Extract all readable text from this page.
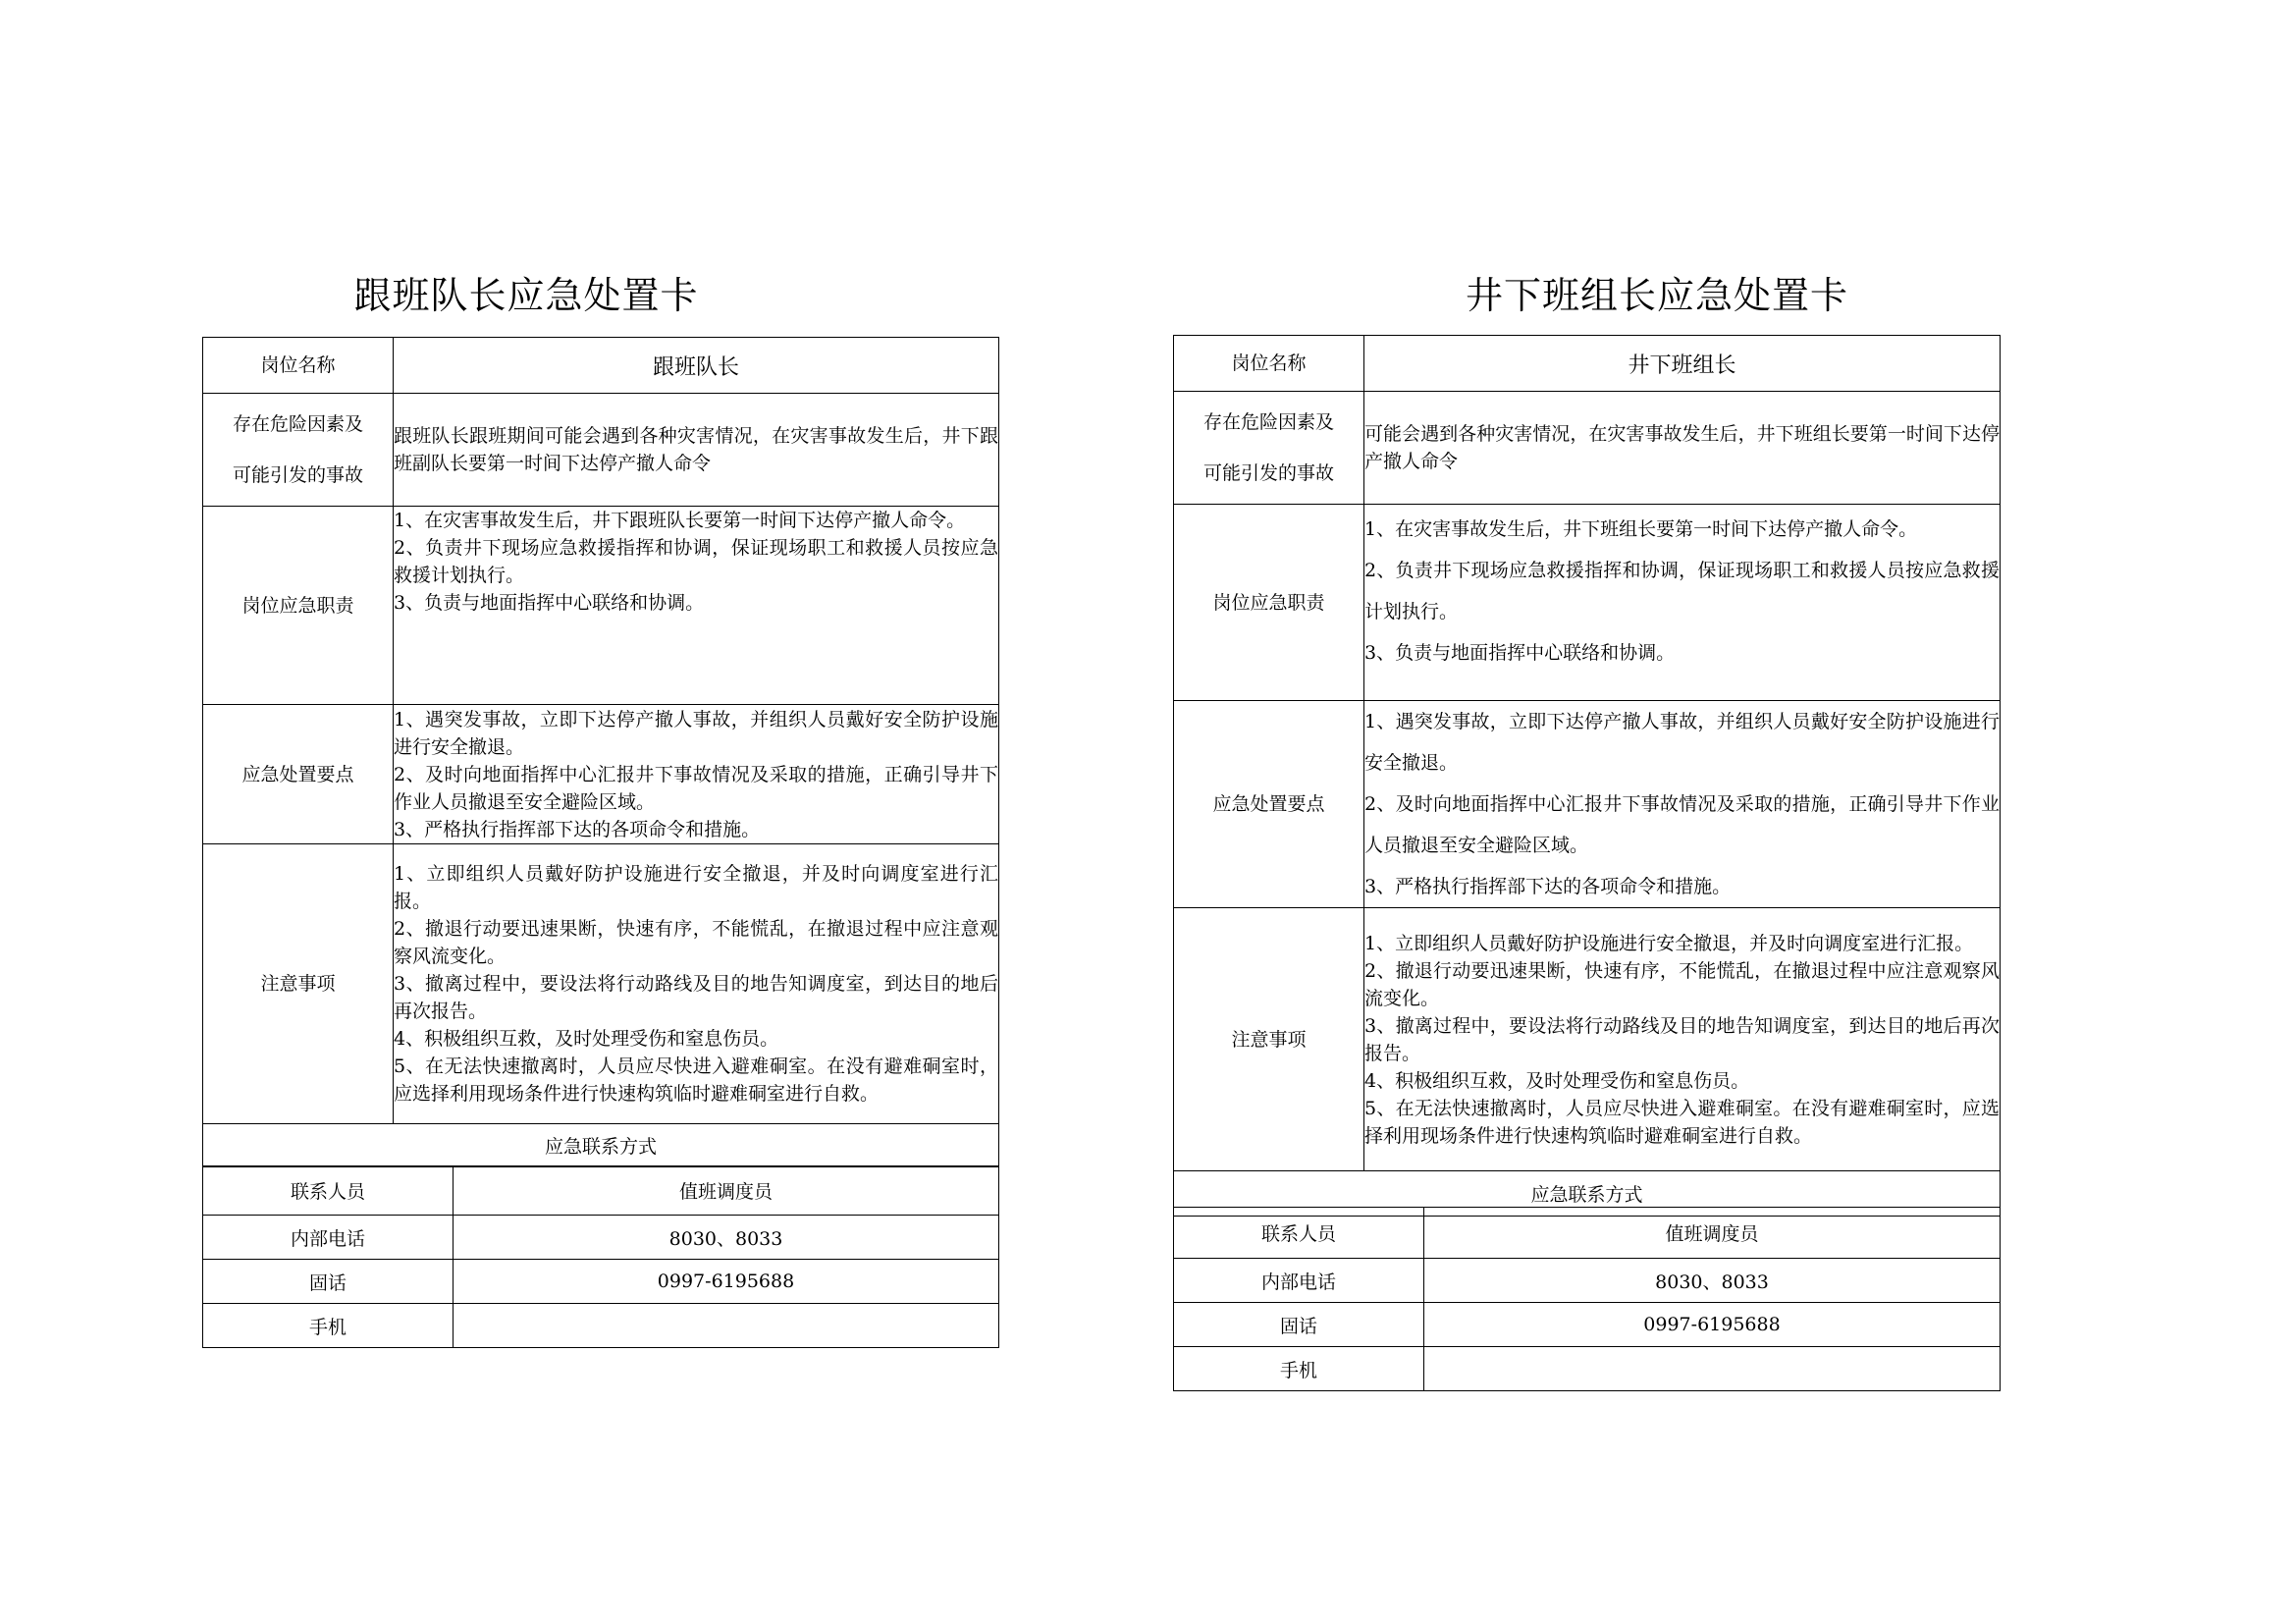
跟班队长应急处置卡
岗位名称	跟班队长

存在危险因素及
可能引发的事故	跟班队长跟班期间可能会遇到各种灾害情况，在灾害事故发生后，井下跟班副队长要第一时间下达停产撤人命令
岗位应急职责	1、在灾害事故发生后，井下跟班队长要第一时间下达停产撤人命令。

2、负责井下现场应急救援指挥和协调，保证现场职工和救援人员按应急救援计划执行。

3、负责与地面指挥中心联络和协调。

应急处置要点	1、遇突发事故，立即下达停产撤人事故，并组织人员戴好安全防护设施进行安全撤退。

2、及时向地面指挥中心汇报井下事故情况及采取的措施，正确引导井下作业人员撤退至安全避险区域。

3、严格执行指挥部下达的各项命令和措施。

注意事项	1、立即组织人员戴好防护设施进行安全撤退，并及时向调度室进行汇报。

2、撤退行动要迅速果断，快速有序，不能慌乱，在撤退过程中应注意观察风流变化。

3、撤离过程中，要设法将行动路线及目的地告知调度室，到达目的地后再次报告。

4、积极组织互救，及时处理受伤和窒息伤员。

5、在无法快速撤离时，人员应尽快进入避难硐室。在没有避难硐室时，应选择利用现场条件进行快速构筑临时避难硐室进行自救。

应急联系方式	
联系人员	值班调度员
内部电话	8030、8033
固话	0997-6195688
手机	
井下班组长应急处置卡
岗位名称	井下班组长

存在危险因素及
可能引发的事故	可能会遇到各种灾害情况，在灾害事故发生后，井下班组长要第一时间下达停产撤人命令
岗位应急职责	1、在灾害事故发生后，井下班组长要第一时间下达停产撤人命令。

2、负责井下现场应急救援指挥和协调，保证现场职工和救援人员按应急救援计划执行。

3、负责与地面指挥中心联络和协调。

应急处置要点	1、遇突发事故，立即下达停产撤人事故，并组织人员戴好安全防护设施进行安全撤退。

2、及时向地面指挥中心汇报井下事故情况及采取的措施，正确引导井下作业人员撤退至安全避险区域。

3、严格执行指挥部下达的各项命令和措施。

注意事项	1、立即组织人员戴好防护设施进行安全撤退，并及时向调度室进行汇报。

2、撤退行动要迅速果断，快速有序，不能慌乱，在撤退过程中应注意观察风流变化。

3、撤离过程中，要设法将行动路线及目的地告知调度室，到达目的地后再次报告。

4、积极组织互救，及时处理受伤和窒息伤员。

5、在无法快速撤离时，人员应尽快进入避难硐室。在没有避难硐室时，应选择利用现场条件进行快速构筑临时避难硐室进行自救。

应急联系方式	
联系人员	值班调度员
内部电话	8030、8033
固话	0997-6195688
手机	
